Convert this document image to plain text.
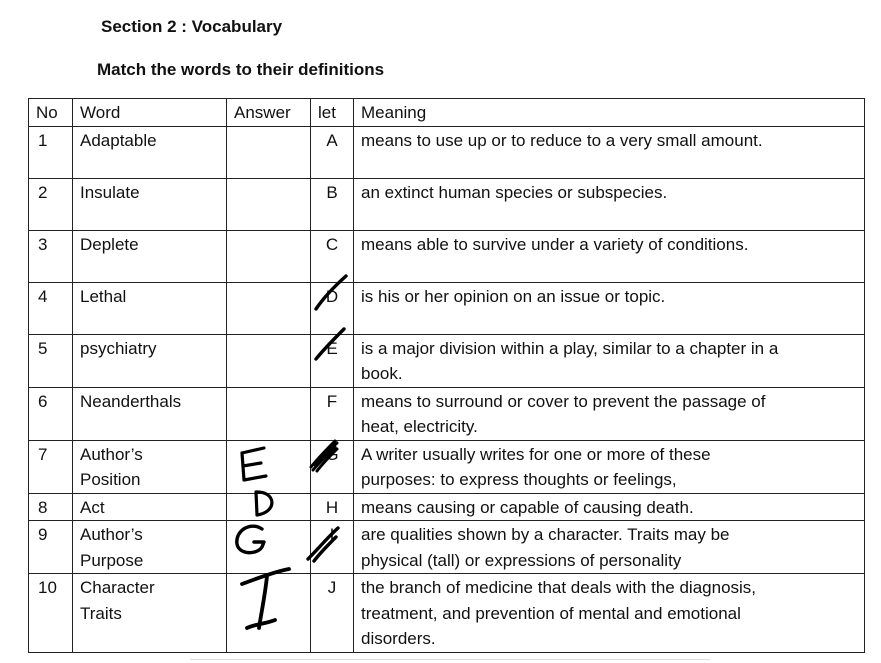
Section 2 : Vocabulary
Match the words to their definitions
No	Word	Answer	let	Meaning
1	Adaptable		A	means to use up or to reduce to a very small amount.

2	Insulate		B	an extinct human species or subspecies.

3	Deplete		C	means able to survive under a variety of conditions.

4	Lethal		D	is his or her opinion on an issue or topic.

5	psychiatry		E	is a major division within a play, similar to a chapter in a
book.

6	Neanderthals		F	means to surround or cover to prevent the passage of
heat, electricity.

7	Author’s
Position		G	A writer usually writes for one or more of these
purposes: to express thoughts or feelings,

8	Act		H	means causing or capable of causing death.

9	Author’s
Purpose		I	are qualities shown by a character. Traits may be
physical (tall) or expressions of personality

10	Character
Traits		J	the branch of medicine that deals with the diagnosis,
treatment, and prevention of mental and emotional
disorders.
